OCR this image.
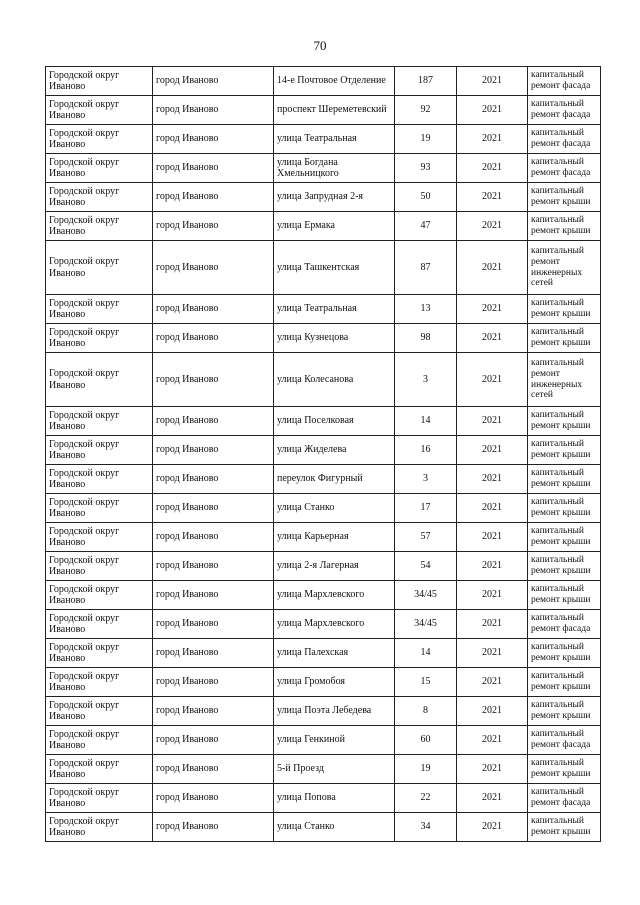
70
Городской округ Иваново	город Иваново	14-е Почтовое Отделение	187	2021	капитальный ремонт фасада
Городской округ Иваново	город Иваново	проспект Шереметевский	92	2021	капитальный ремонт фасада
Городской округ Иваново	город Иваново	улица Театральная	19	2021	капитальный ремонт фасада
Городской округ Иваново	город Иваново	улица Богдана Хмельницкого	93	2021	капитальный ремонт фасада
Городской округ Иваново	город Иваново	улица Запрудная 2-я	50	2021	капитальный ремонт крыши
Городской округ Иваново	город Иваново	улица Ермака	47	2021	капитальный ремонт крыши
Городской округ Иваново	город Иваново	улица Ташкентская	87	2021	капитальный ремонт инженерных сетей
Городской округ Иваново	город Иваново	улица Театральная	13	2021	капитальный ремонт крыши
Городской округ Иваново	город Иваново	улица Кузнецова	98	2021	капитальный ремонт крыши
Городской округ Иваново	город Иваново	улица Колесанова	3	2021	капитальный ремонт инженерных сетей
Городской округ Иваново	город Иваново	улица Поселковая	14	2021	капитальный ремонт крыши
Городской округ Иваново	город Иваново	улица Жиделева	16	2021	капитальный ремонт крыши
Городской округ Иваново	город Иваново	переулок Фигурный	3	2021	капитальный ремонт крыши
Городской округ Иваново	город Иваново	улица Станко	17	2021	капитальный ремонт крыши
Городской округ Иваново	город Иваново	улица Карьерная	57	2021	капитальный ремонт крыши
Городской округ Иваново	город Иваново	улица 2-я Лагерная	54	2021	капитальный ремонт крыши
Городской округ Иваново	город Иваново	улица Мархлевского	34/45	2021	капитальный ремонт крыши
Городской округ Иваново	город Иваново	улица Мархлевского	34/45	2021	капитальный ремонт фасада
Городской округ Иваново	город Иваново	улица Палехская	14	2021	капитальный ремонт крыши
Городской округ Иваново	город Иваново	улица Громобоя	15	2021	капитальный ремонт крыши
Городской округ Иваново	город Иваново	улица Поэта Лебедева	8	2021	капитальный ремонт крыши
Городской округ Иваново	город Иваново	улица Генкиной	60	2021	капитальный ремонт фасада
Городской округ Иваново	город Иваново	5-й Проезд	19	2021	капитальный ремонт крыши
Городской округ Иваново	город Иваново	улица Попова	22	2021	капитальный ремонт фасада
Городской округ Иваново	город Иваново	улица Станко	34	2021	капитальный ремонт крыши
